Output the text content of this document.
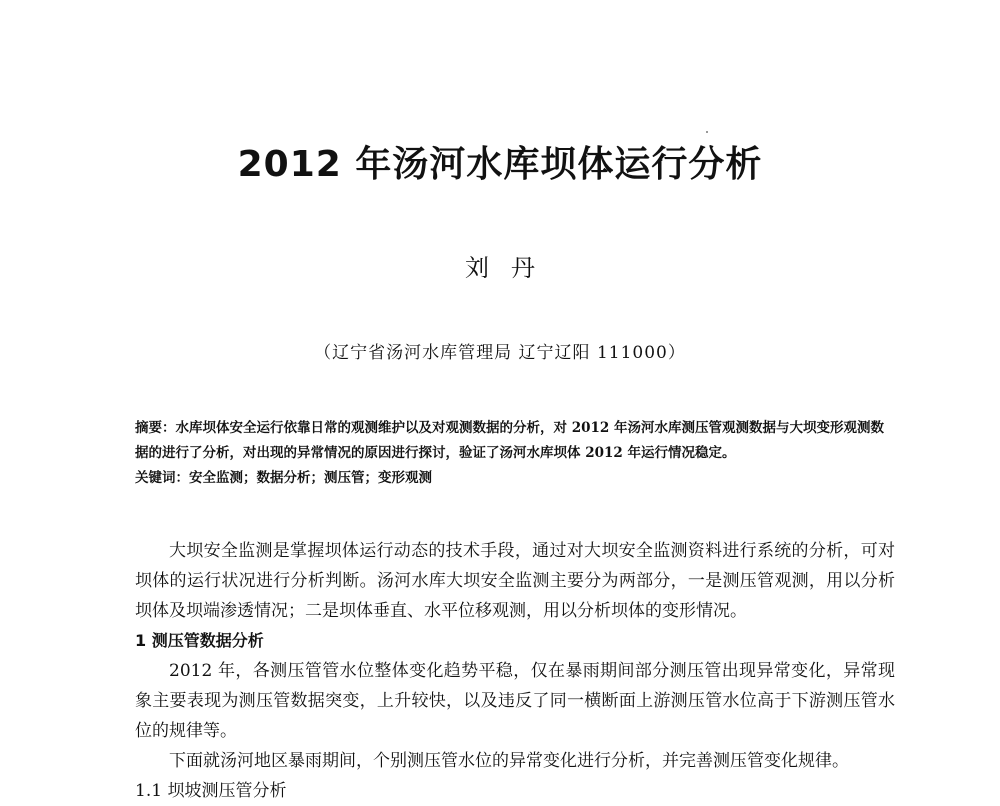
2012 年汤河水库坝体运行分析
刘丹
（辽宁省汤河水库管理局 辽宁辽阳 111000）

摘要：水库坝体安全运行依靠日常的观测维护以及对观测数据的分析，对 2012 年汤河水库测压管观测数据与大坝变形观测数据的进行了分析，对出现的异常情况的原因进行探讨，验证了汤河水库坝体 2012 年运行情况稳定。

关键词：安全监测；数据分析；测压管；变形观测

大坝安全监测是掌握坝体运行动态的技术手段，通过对大坝安全监测资料进行系统的分析，可对坝体的运行状况进行分析判断。汤河水库大坝安全监测主要分为两部分，一是测压管观测，用以分析坝体及坝端渗透情况；二是坝体垂直、水平位移观测，用以分析坝体的变形情况。

1 测压管数据分析

2012 年，各测压管管水位整体变化趋势平稳，仅在暴雨期间部分测压管出现异常变化，异常现象主要表现为测压管数据突变，上升较快，以及违反了同一横断面上游测压管水位高于下游测压管水位的规律等。

下面就汤河地区暴雨期间，个别测压管水位的异常变化进行分析，并完善测压管变化规律。

1.1 坝坡测压管分析
